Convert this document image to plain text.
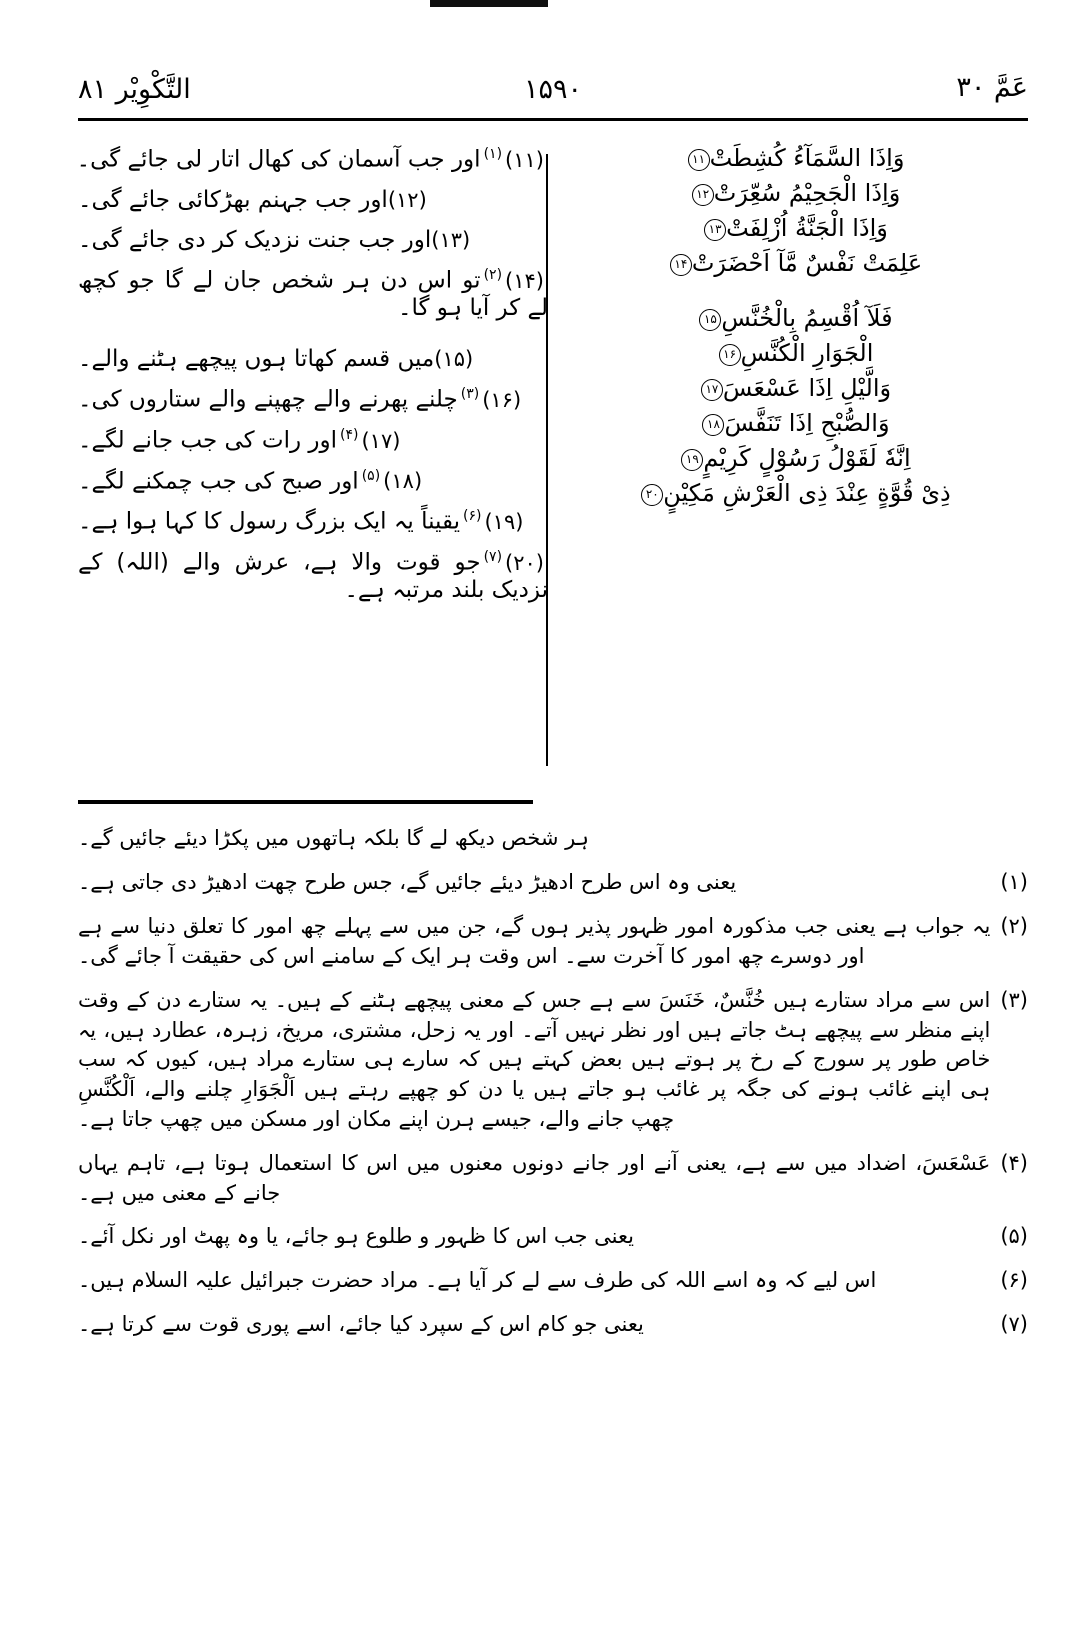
عَمَّ ۳۰
۱۵۹۰
التَّكْوِيْر ۸۱
وَاِذَا السَّمَآءُ كُشِطَتْ۱۱
وَاِذَا الْجَحِيْمُ سُعِّرَتْ۱۲
وَاِذَا الْجَنَّةُ اُزْلِفَتْ۱۳
عَلِمَتْ نَفْسٌ مَّآ اَحْضَرَتْ۱۴
فَلَآ اُقْسِمُ بِالْخُنَّسِ۱۵
الْجَوَارِ الْكُنَّسِ۱۶
وَالَّيْلِ اِذَا عَسْعَسَ۱۷
وَالصُّبْحِ اِذَا تَنَفَّسَ۱۸
اِنَّهٗ لَقَوْلُ رَسُوْلٍ كَرِيْمٍ۱۹
ذِىْ قُوَّةٍ عِنْدَ ذِى الْعَرْشِ مَكِيْنٍ۲۰
(۱۱)$^{(۱)}$اور جب آسمان کی کھال اتار لی جائے گی۔
(۱۲)اور جب جہنم بھڑکائی جائے گی۔
(۱۳)اور جب جنت نزدیک کر دی جائے گی۔
(۱۴)$^{(۲)}$تو اس دن ہر شخص جان لے گا جو کچھ لے کر آیا ہو گا۔
(۱۵)میں قسم کھاتا ہوں پیچھے ہٹنے والے۔
(۱۶)$^{(۳)}$چلنے پھرنے والے چھپنے والے ستاروں کی۔
(۱۷)$^{(۴)}$اور رات کی جب جانے لگے۔
(۱۸)$^{(۵)}$اور صبح کی جب چمکنے لگے۔
(۱۹)$^{(۶)}$یقیناً یہ ایک بزرگ رسول کا کہا ہوا ہے۔
(۲۰)$^{(۷)}$جو قوت والا ہے، عرش والے (اللہ) کے نزدیک بلند مرتبہ ہے۔

ہر شخص دیکھ لے گا بلکہ ہاتھوں میں پکڑا دیئے جائیں گے۔

(۱)
یعنی وہ اس طرح ادھیڑ دیئے جائیں گے، جس طرح چھت ادھیڑ دی جاتی ہے۔
(۲)
یہ جواب ہے یعنی جب مذکورہ امور ظہور پذیر ہوں گے، جن میں سے پہلے چھ امور کا تعلق دنیا سے ہے اور دوسرے چھ امور کا آخرت سے۔ اس وقت ہر ایک کے سامنے اس کی حقیقت آ جائے گی۔
(۳)
اس سے مراد ستارے ہیں خُنَّسٌ، خَنَسَ سے ہے جس کے معنی پیچھے ہٹنے کے ہیں۔ یہ ستارے دن کے وقت اپنے منظر سے پیچھے ہٹ جاتے ہیں اور نظر نہیں آتے۔ اور یہ زحل، مشتری، مریخ، زہرہ، عطارد ہیں، یہ خاص طور پر سورج کے رخ پر ہوتے ہیں بعض کہتے ہیں کہ سارے ہی ستارے مراد ہیں، کیوں کہ سب ہی اپنے غائب ہونے کی جگہ پر غائب ہو جاتے ہیں یا دن کو چھپے رہتے ہیں اَلْجَوَارِ چلنے والے، اَلْكُنَّسِ چھپ جانے والے، جیسے ہرن اپنے مکان اور مسکن میں چھپ جاتا ہے۔
(۴)
عَسْعَسَ، اضداد میں سے ہے، یعنی آنے اور جانے دونوں معنوں میں اس کا استعمال ہوتا ہے، تاہم یہاں جانے کے معنی میں ہے۔
(۵)
یعنی جب اس کا ظہور و طلوع ہو جائے، یا وہ پھٹ اور نکل آئے۔
(۶)
اس لیے کہ وہ اسے اللہ کی طرف سے لے کر آیا ہے۔ مراد حضرت جبرائیل علیہ السلام ہیں۔
(۷)
یعنی جو کام اس کے سپرد کیا جائے، اسے پوری قوت سے کرتا ہے۔
